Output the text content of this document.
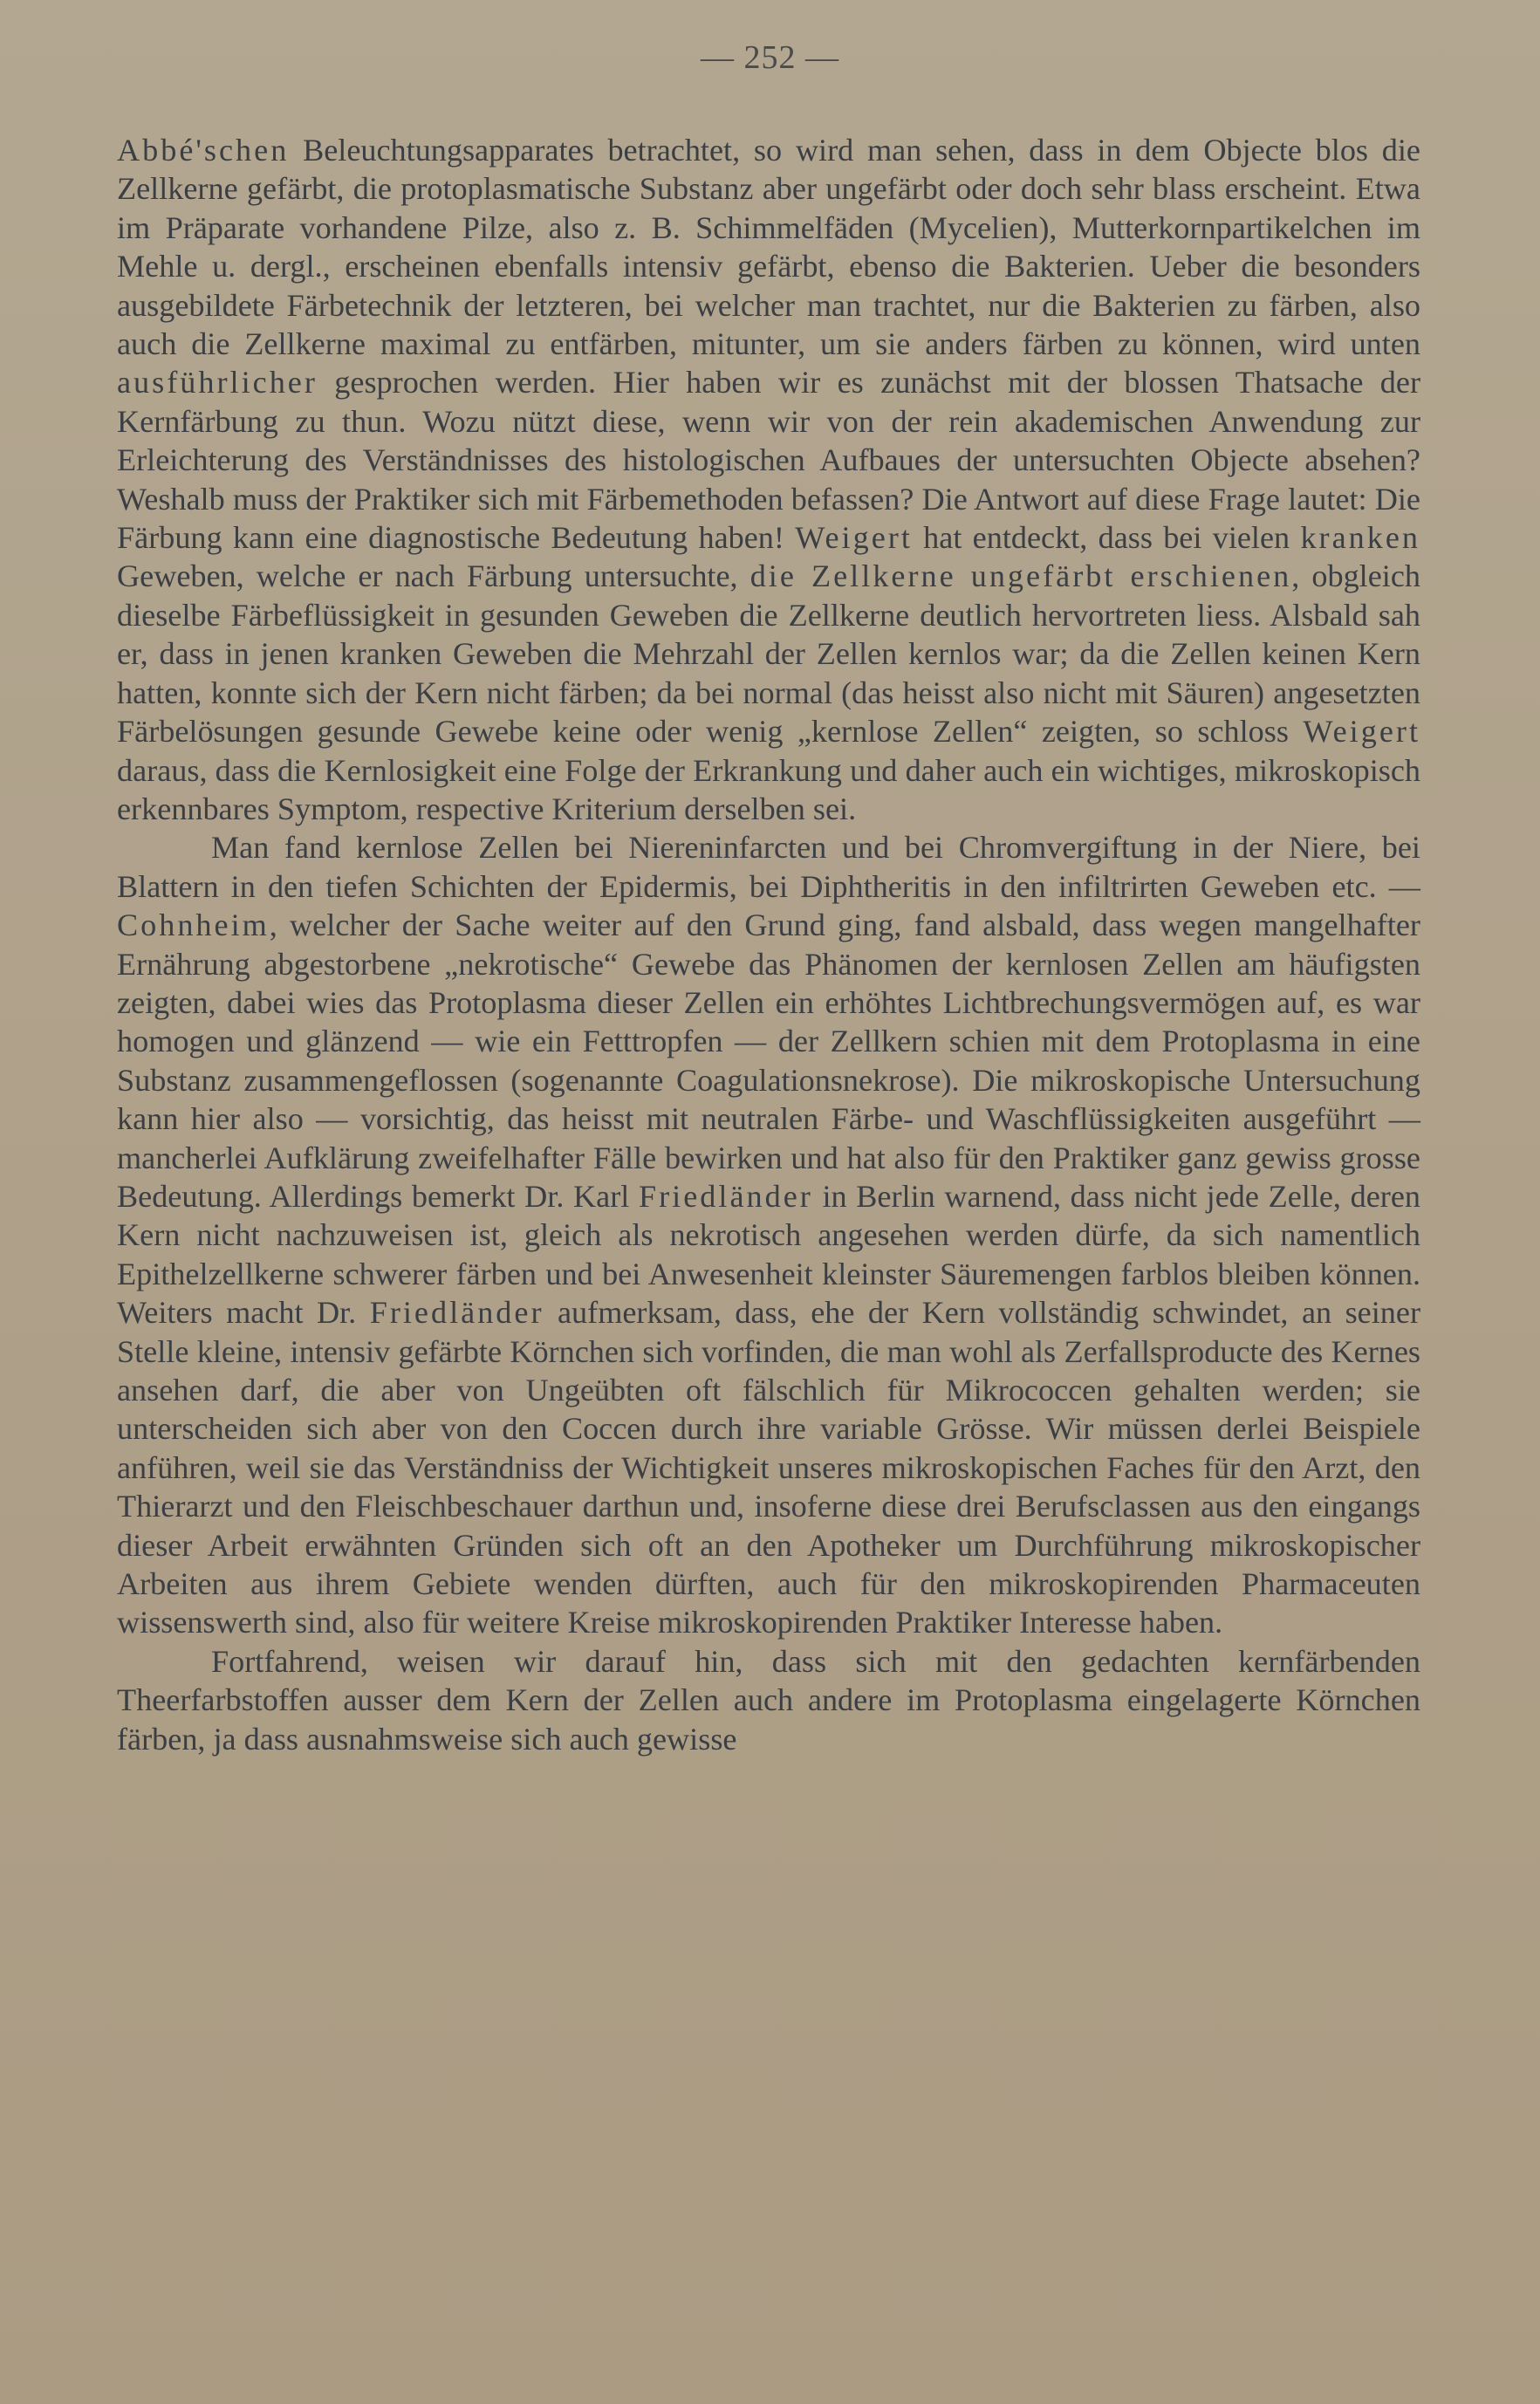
— 252 —

Abbé'schen Beleuchtungsapparates betrachtet, so wird man sehen, dass in dem Objecte blos die Zellkerne gefärbt, die protoplasmatische Substanz aber ungefärbt oder doch sehr blass erscheint. Etwa im Präparate vorhandene Pilze, also z. B. Schimmelfäden (Mycelien), Mutterkornpartikelchen im Mehle u. dergl., erscheinen ebenfalls intensiv gefärbt, ebenso die Bakterien. Ueber die besonders ausgebildete Färbetechnik der letzteren, bei welcher man trachtet, nur die Bakterien zu färben, also auch die Zellkerne maximal zu entfärben, mitunter, um sie anders färben zu können, wird unten ausführlicher gesprochen werden. Hier haben wir es zunächst mit der blossen Thatsache der Kernfärbung zu thun. Wozu nützt diese, wenn wir von der rein akademischen Anwendung zur Erleichterung des Verständnisses des histologischen Aufbaues der untersuchten Objecte absehen? Weshalb muss der Praktiker sich mit Färbemethoden befassen? Die Antwort auf diese Frage lautet: Die Färbung kann eine diagnostische Bedeutung haben! Weigert hat entdeckt, dass bei vielen kranken Geweben, welche er nach Färbung untersuchte, die Zellkerne ungefärbt erschienen, obgleich dieselbe Färbeflüssigkeit in gesunden Geweben die Zellkerne deutlich hervortreten liess. Alsbald sah er, dass in jenen kranken Geweben die Mehrzahl der Zellen kernlos war; da die Zellen keinen Kern hatten, konnte sich der Kern nicht färben; da bei normal (das heisst also nicht mit Säuren) angesetzten Färbelösungen gesunde Gewebe keine oder wenig „kernlose Zellen“ zeigten, so schloss Weigert daraus, dass die Kernlosigkeit eine Folge der Erkrankung und daher auch ein wichtiges, mikroskopisch erkennbares Symptom, respective Kriterium derselben sei.

Man fand kernlose Zellen bei Niereninfarcten und bei Chromvergiftung in der Niere, bei Blattern in den tiefen Schichten der Epidermis, bei Diphtheritis in den infiltrirten Geweben etc. — Cohnheim, welcher der Sache weiter auf den Grund ging, fand alsbald, dass wegen mangelhafter Ernährung abgestorbene „nekrotische“ Gewebe das Phänomen der kernlosen Zellen am häufigsten zeigten, dabei wies das Protoplasma dieser Zellen ein erhöhtes Lichtbrechungsvermögen auf, es war homogen und glänzend — wie ein Fetttropfen — der Zellkern schien mit dem Protoplasma in eine Substanz zusammengeflossen (sogenannte Coagulationsnekrose). Die mikroskopische Untersuchung kann hier also — vorsichtig, das heisst mit neutralen Färbe- und Waschflüssigkeiten ausgeführt — mancherlei Aufklärung zweifelhafter Fälle bewirken und hat also für den Praktiker ganz gewiss grosse Bedeutung. Allerdings bemerkt Dr. Karl Friedländer in Berlin warnend, dass nicht jede Zelle, deren Kern nicht nachzuweisen ist, gleich als nekrotisch angesehen werden dürfe, da sich namentlich Epithelzellkerne schwerer färben und bei Anwesenheit kleinster Säuremengen farblos bleiben können. Weiters macht Dr. Friedländer aufmerksam, dass, ehe der Kern vollständig schwindet, an seiner Stelle kleine, intensiv gefärbte Körnchen sich vorfinden, die man wohl als Zerfallsproducte des Kernes ansehen darf, die aber von Ungeübten oft fälschlich für Mikrococcen gehalten werden; sie unterscheiden sich aber von den Coccen durch ihre variable Grösse. Wir müssen derlei Beispiele anführen, weil sie das Verständniss der Wichtigkeit unseres mikroskopischen Faches für den Arzt, den Thierarzt und den Fleischbeschauer darthun und, insoferne diese drei Berufsclassen aus den eingangs dieser Arbeit erwähnten Gründen sich oft an den Apotheker um Durchführung mikroskopischer Arbeiten aus ihrem Gebiete wenden dürften, auch für den mikroskopirenden Pharmaceuten wissenswerth sind, also für weitere Kreise mikroskopirenden Praktiker Interesse haben.

Fortfahrend, weisen wir darauf hin, dass sich mit den gedachten kernfärbenden Theerfarbstoffen ausser dem Kern der Zellen auch andere im Protoplasma eingelagerte Körnchen färben, ja dass ausnahmsweise sich auch gewisse
